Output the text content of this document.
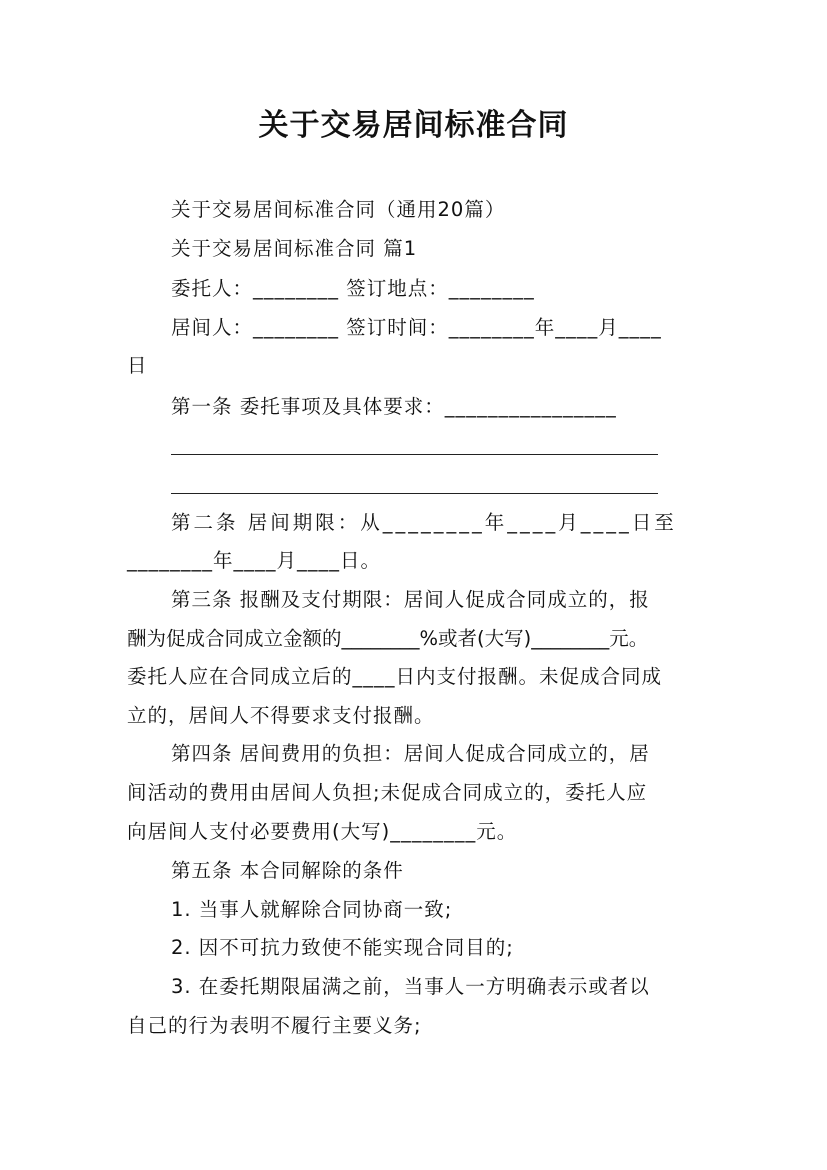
关于交易居间标准合同
关于交易居间标准合同（通用20篇）
关于交易居间标准合同 篇1
委托人：________ 签订地点：________
居间人：________ 签订时间：________年____月____
日
第一条 委托事项及具体要求：________________
第二条 居间期限：从________年____月____日至
________年____月____日。
第三条 报酬及支付期限：居间人促成合同成立的，报
酬为促成合同成立金额的________%或者(大写)________元。
委托人应在合同成立后的____日内支付报酬。未促成合同成
立的，居间人不得要求支付报酬。
第四条 居间费用的负担：居间人促成合同成立的，居
间活动的费用由居间人负担;未促成合同成立的，委托人应
向居间人支付必要费用(大写)________元。
第五条 本合同解除的条件
1. 当事人就解除合同协商一致;
2. 因不可抗力致使不能实现合同目的;
3. 在委托期限届满之前，当事人一方明确表示或者以
自己的行为表明不履行主要义务;
